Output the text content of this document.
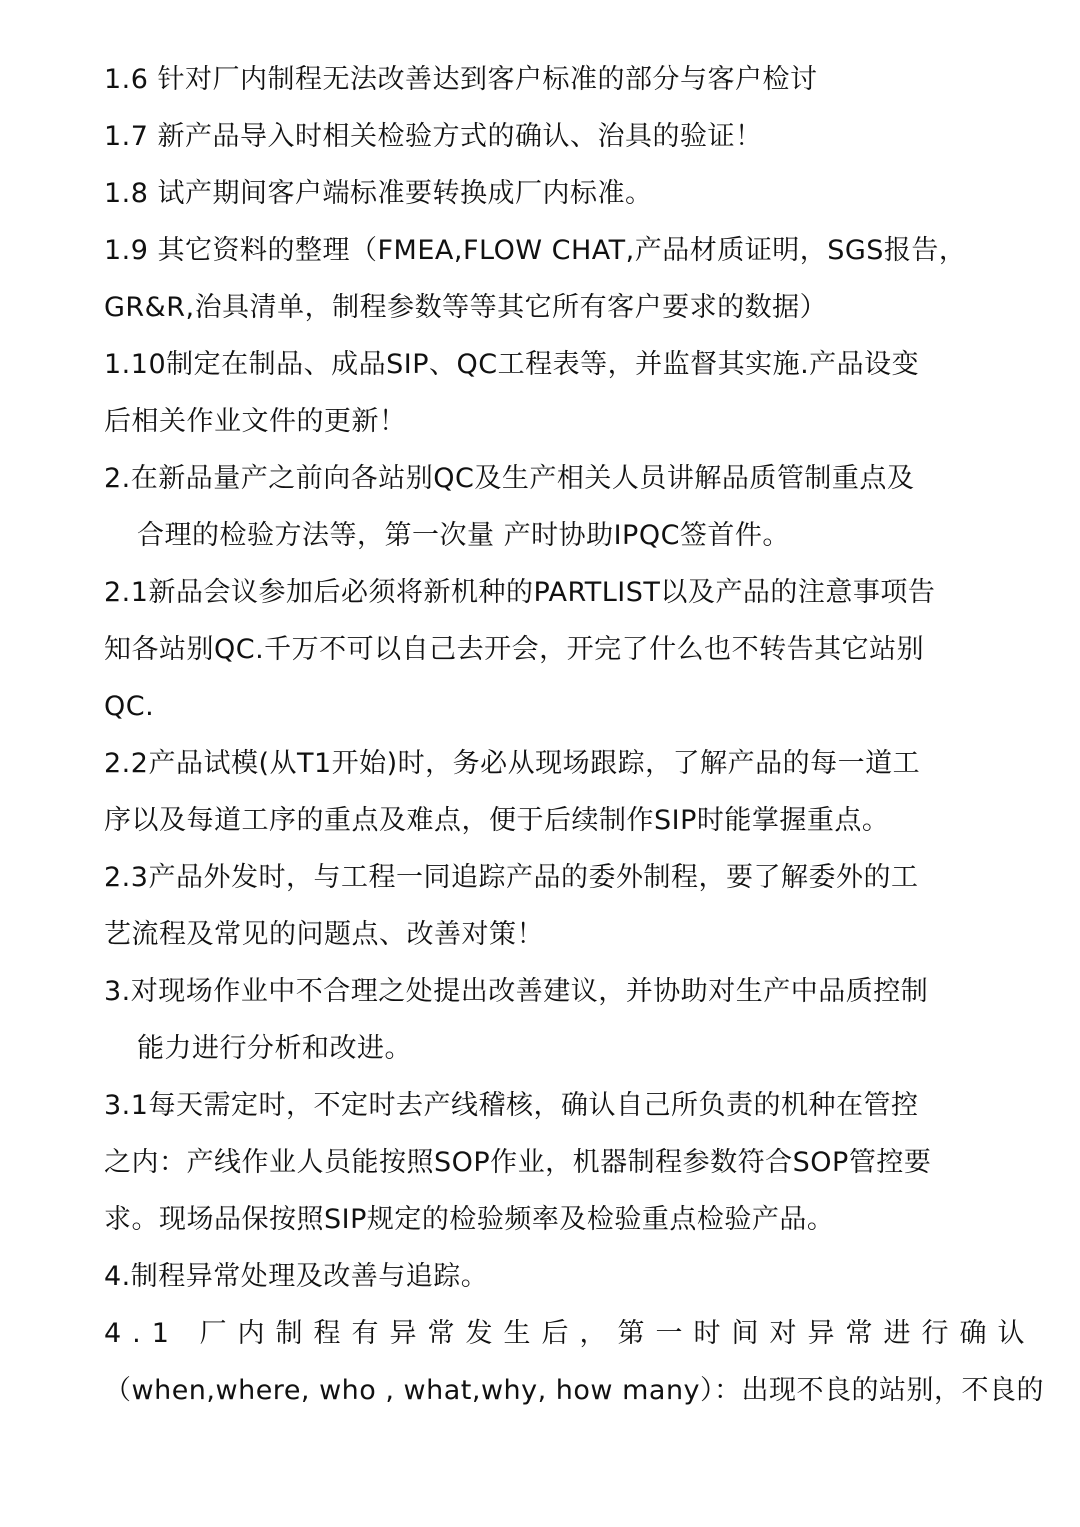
1.6 针对厂内制程无法改善达到客户标准的部分与客户检讨
1.7 新产品导入时相关检验方式的确认、治具的验证！
1.8 试产期间客户端标准要转换成厂内标准。
1.9 其它资料的整理（FMEA,FLOW CHAT,产品材质证明，SGS报告，
GR&R,治具清单，制程参数等等其它所有客户要求的数据）
1.10制定在制品、成品SIP、QC工程表等，并监督其实施.产品设变
后相关作业文件的更新！
2.在新品量产之前向各站别QC及生产相关人员讲解品质管制重点及
合理的检验方法等，第一次量 产时协助IPQC签首件。
2.1新品会议参加后必须将新机种的PARTLIST以及产品的注意事项告
知各站别QC.千万不可以自己去开会，开完了什么也不转告其它站别
QC.
2.2产品试模(从T1开始)时，务必从现场跟踪，了解产品的每一道工
序以及每道工序的重点及难点，便于后续制作SIP时能掌握重点。
2.3产品外发时，与工程一同追踪产品的委外制程，要了解委外的工
艺流程及常见的问题点、改善对策！
3.对现场作业中不合理之处提出改善建议，并协助对生产中品质控制
能力进行分析和改进。
3.1每天需定时，不定时去产线稽核，确认自己所负责的机种在管控
之内：产线作业人员能按照SOP作业，机器制程参数符合SOP管控要
求。现场品保按照SIP规定的检验频率及检验重点检验产品。
4.制程异常处理及改善与追踪。
4.1 厂内制程有异常发生后，第一时间对异常进行确认
（when,where, who , what,why, how many）：出现不良的站别，不良的
